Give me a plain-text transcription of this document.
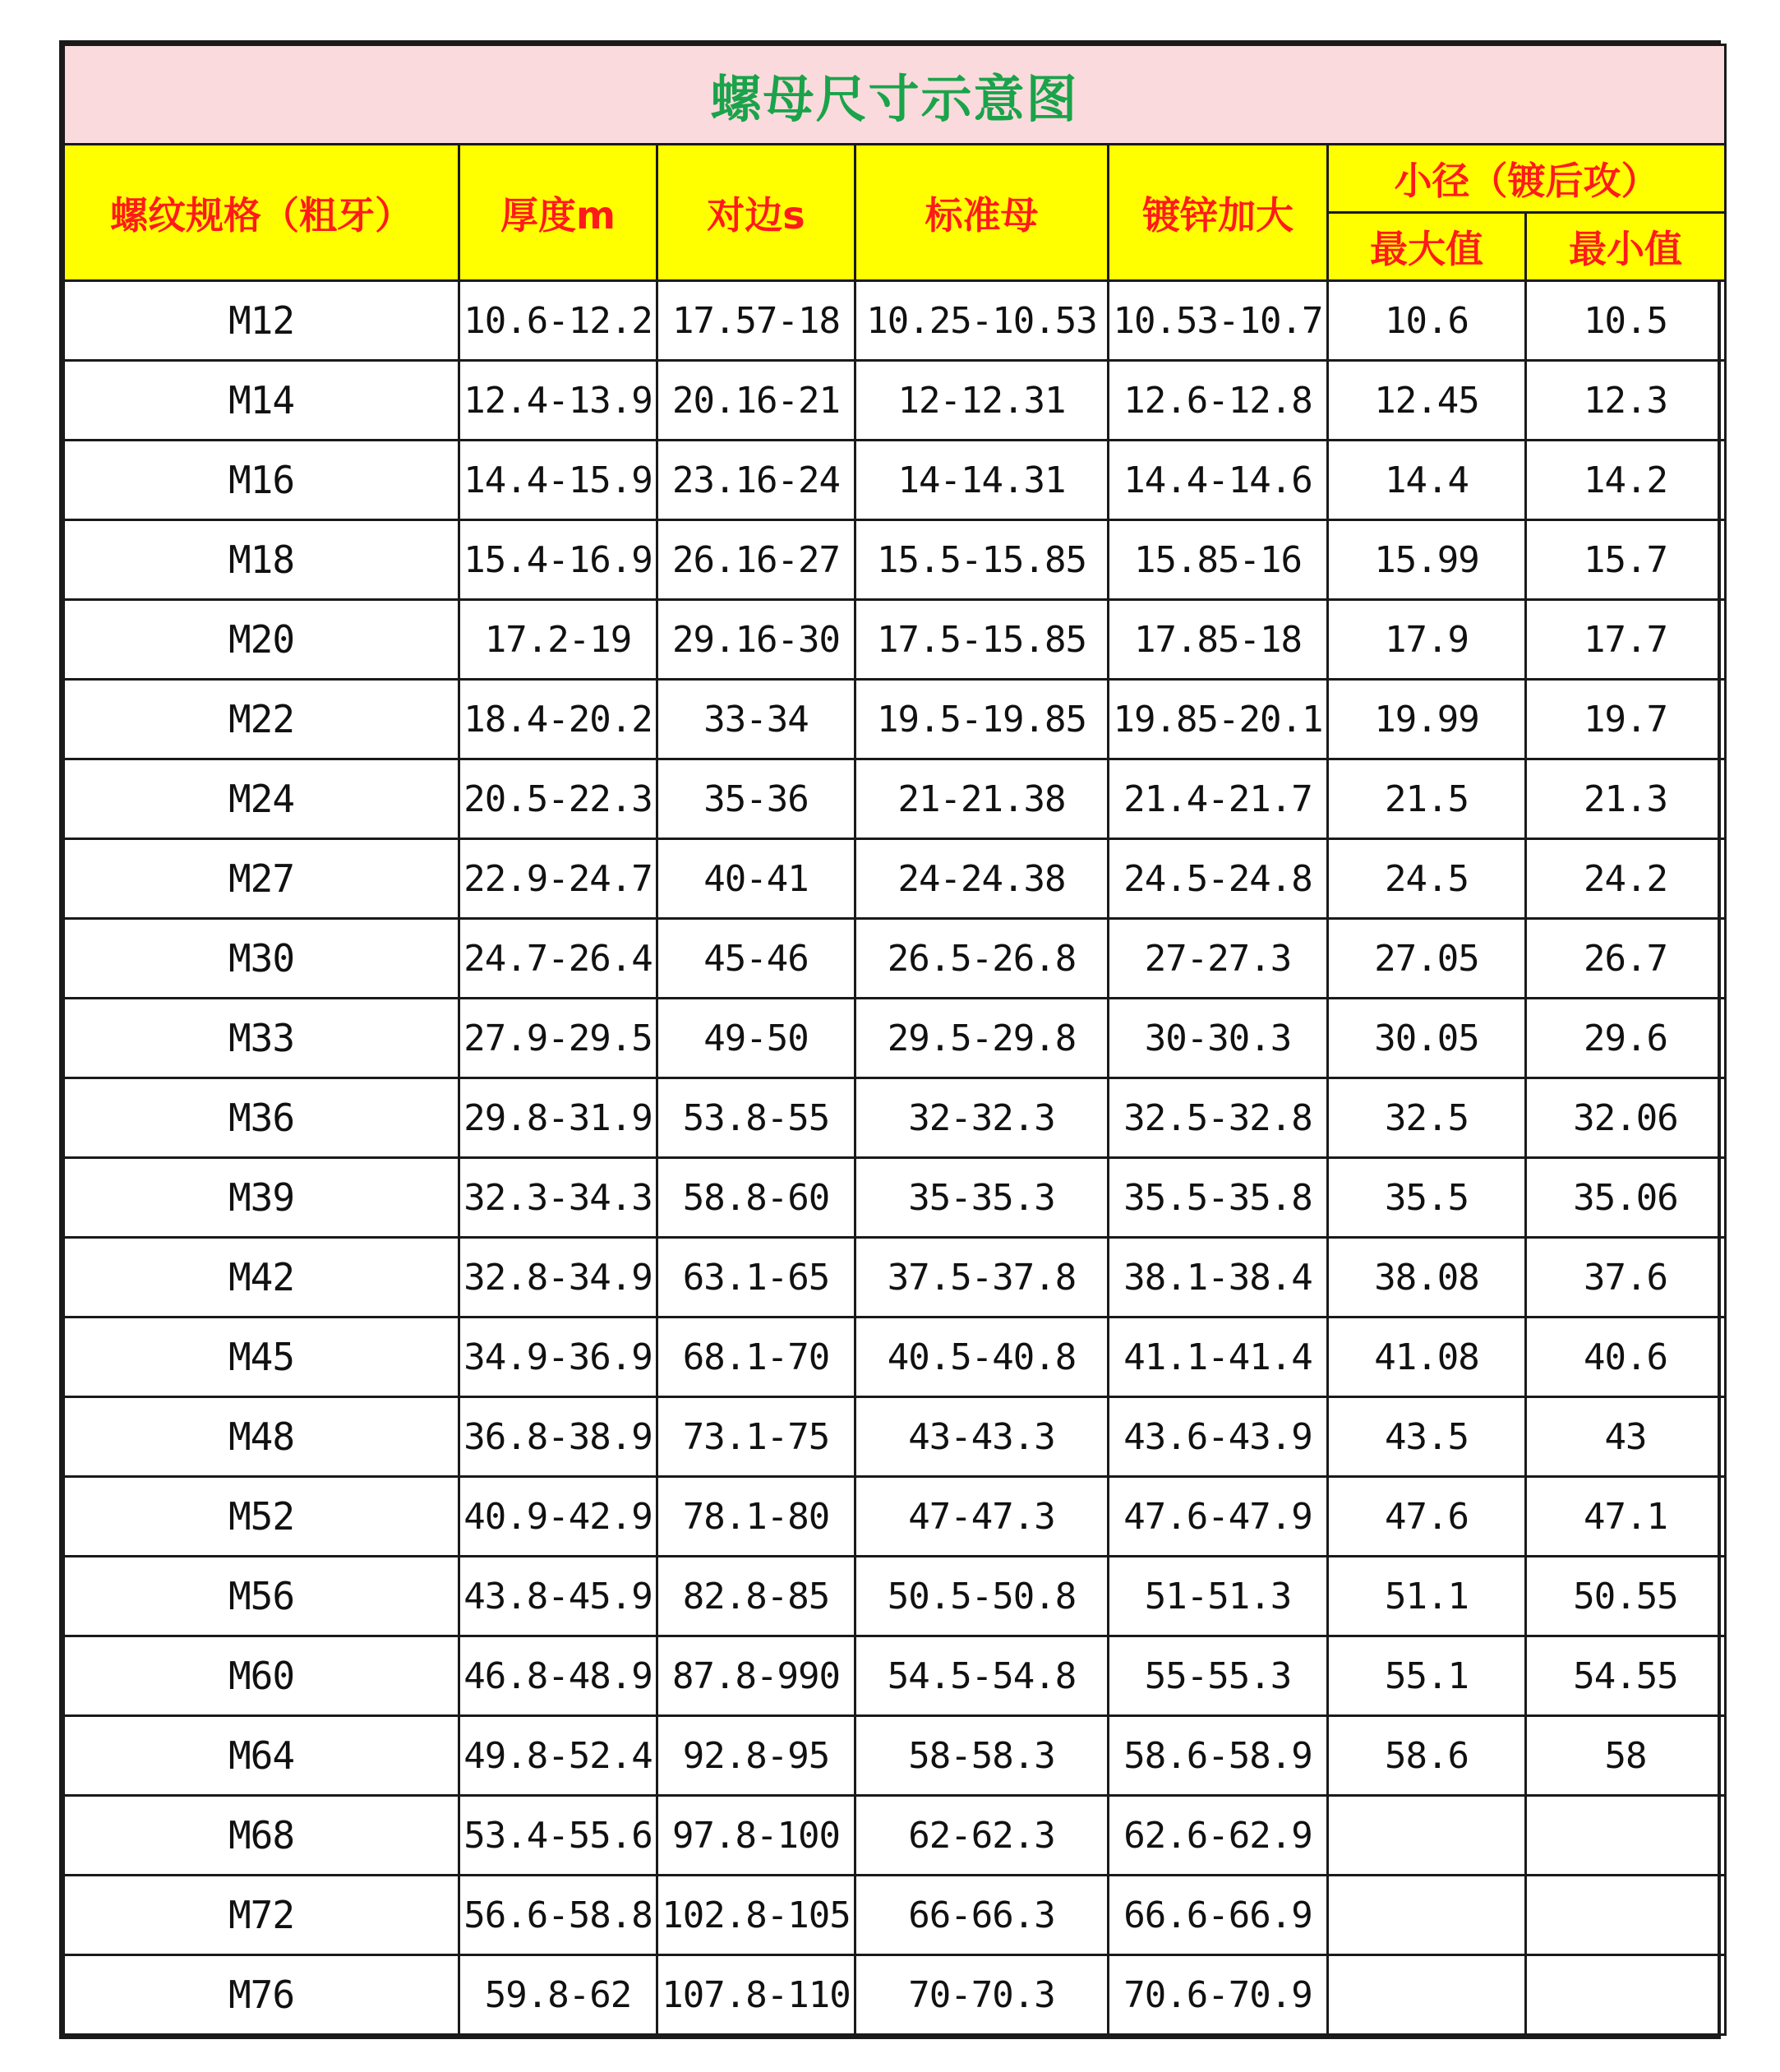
螺母尺寸示意图						
螺纹规格（粗牙）	厚度m	对边s	标准母	镀锌加大	小径（镀后攻）	
					最大值	最小值
M12	10.6-12.2	17.57-18	10.25-10.53	10.53-10.7	10.6	10.5
M14	12.4-13.9	20.16-21	12-12.31	12.6-12.8	12.45	12.3
M16	14.4-15.9	23.16-24	14-14.31	14.4-14.6	14.4	14.2
M18	15.4-16.9	26.16-27	15.5-15.85	15.85-16	15.99	15.7
M20	17.2-19	29.16-30	17.5-15.85	17.85-18	17.9	17.7
M22	18.4-20.2	33-34	19.5-19.85	19.85-20.1	19.99	19.7
M24	20.5-22.3	35-36	21-21.38	21.4-21.7	21.5	21.3
M27	22.9-24.7	40-41	24-24.38	24.5-24.8	24.5	24.2
M30	24.7-26.4	45-46	26.5-26.8	27-27.3	27.05	26.7
M33	27.9-29.5	49-50	29.5-29.8	30-30.3	30.05	29.6
M36	29.8-31.9	53.8-55	32-32.3	32.5-32.8	32.5	32.06
M39	32.3-34.3	58.8-60	35-35.3	35.5-35.8	35.5	35.06
M42	32.8-34.9	63.1-65	37.5-37.8	38.1-38.4	38.08	37.6
M45	34.9-36.9	68.1-70	40.5-40.8	41.1-41.4	41.08	40.6
M48	36.8-38.9	73.1-75	43-43.3	43.6-43.9	43.5	43
M52	40.9-42.9	78.1-80	47-47.3	47.6-47.9	47.6	47.1
M56	43.8-45.9	82.8-85	50.5-50.8	51-51.3	51.1	50.55
M60	46.8-48.9	87.8-990	54.5-54.8	55-55.3	55.1	54.55
M64	49.8-52.4	92.8-95	58-58.3	58.6-58.9	58.6	58
M68	53.4-55.6	97.8-100	62-62.3	62.6-62.9		
M72	56.6-58.8	102.8-105	66-66.3	66.6-66.9		
M76	59.8-62	107.8-110	70-70.3	70.6-70.9		
